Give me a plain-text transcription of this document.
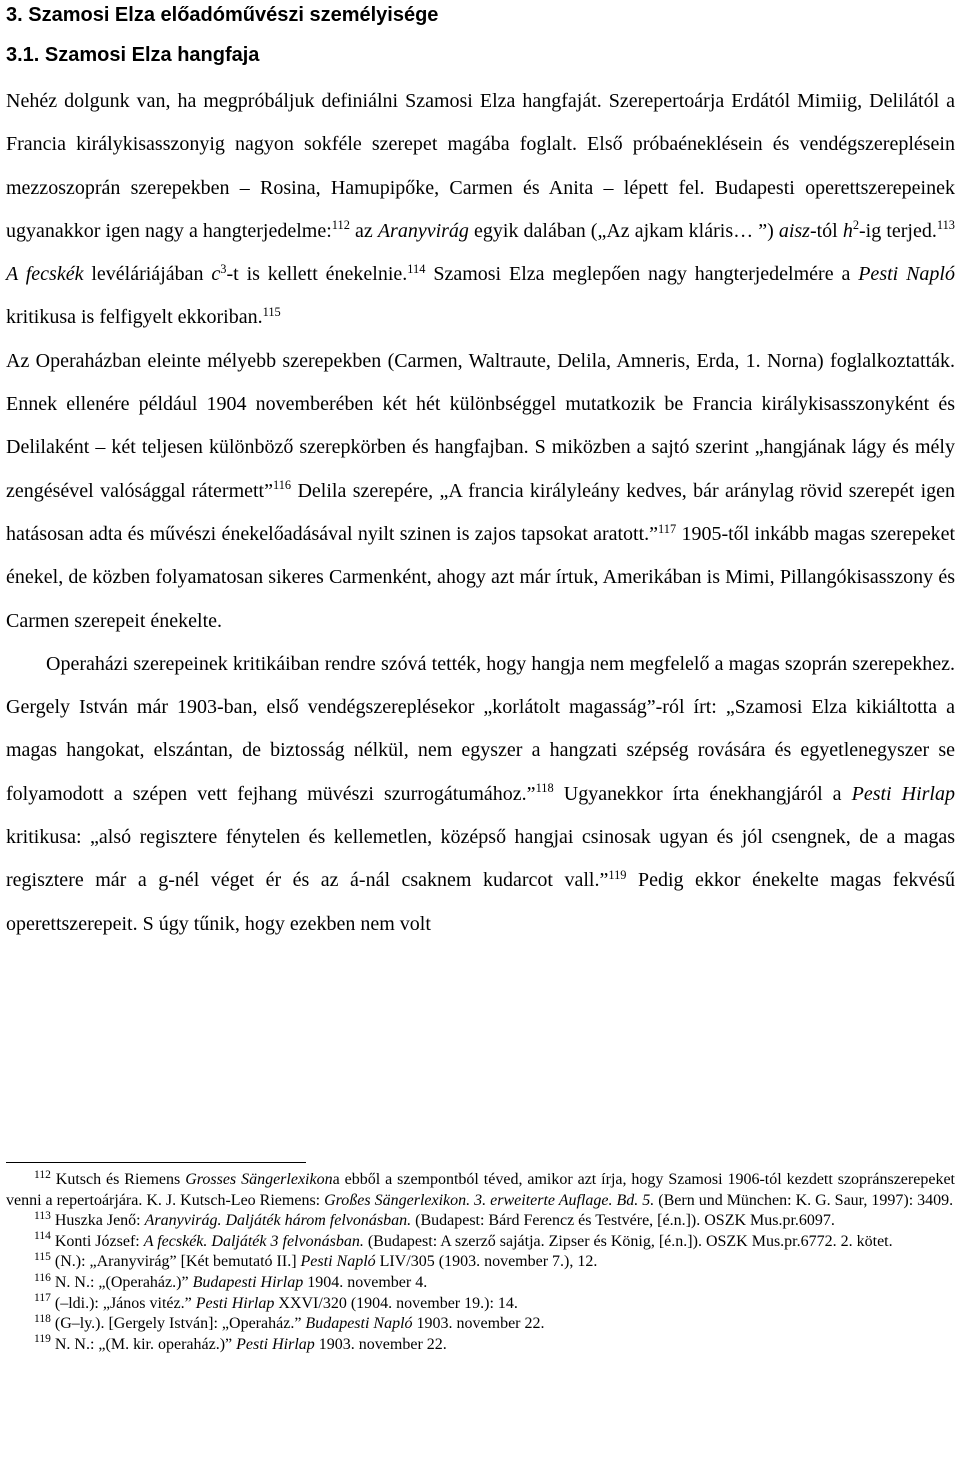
3. Szamosi Elza előadóművészi személyisége
3.1. Szamosi Elza hangfaja

Nehéz dolgunk van, ha megpróbáljuk definiálni Szamosi Elza hangfaját. Szerepertoárja Erdától Mimiig, Delilától a Francia királykisasszonyig nagyon sokféle szerepet magába foglalt. Első próbaéneklésein és vendégszereplésein mezzoszoprán szerepekben – Rosina, Hamupipőke, Carmen és Anita – lépett fel. Budapesti operettszerepeinek ugyanakkor igen nagy a hangterjedelme:$^{112}$ az Aranyvirág egyik dalában („Az ajkam kláris… ”) aisz-tól $h^2-ig$ terjed.$^{113}$ A fecskék levéláriájában $c^3-t$ is kellett énekelnie.$^{114}$ Szamosi Elza meglepően nagy hangterjedelmére a Pesti Napló kritikusa is felfigyelt ekkoriban.$^{115}$

Az Operaházban eleinte mélyebb szerepekben (Carmen, Waltraute, Delila, Amneris, Erda, 1. Norna) foglalkoztatták. Ennek ellenére például 1904 novemberében két hét különbséggel mutatkozik be Francia királykisasszonyként és Delilaként – két teljesen különböző szerepkörben és hangfajban. S miközben a sajtó szerint „hangjának lágy és mély zengésével valósággal rátermett”$^{116}$ Delila szerepére, „A francia királyleány kedves, bár aránylag rövid szerepét igen hatásosan adta és művészi énekelőadásával nyilt szinen is zajos tapsokat aratott.”$^{117}$ 1905-től inkább magas szerepeket énekel, de közben folyamatosan sikeres Carmenként, ahogy azt már írtuk, Amerikában is Mimi, Pillangókisasszony és Carmen szerepeit énekelte.

Operaházi szerepeinek kritikáiban rendre szóvá tették, hogy hangja nem megfelelő a magas szoprán szerepekhez. Gergely István már 1903-ban, első vendégszereplésekor „korlátolt magasság”-ról írt: „Szamosi Elza kikiáltotta a magas hangokat, elszántan, de biztosság nélkül, nem egyszer a hangzati szépség rovására és egyetlenegyszer se folyamodott a szépen vett fejhang müvészi szurrogátumához.”$^{118}$ Ugyanekkor írta énekhangjáról a Pesti Hirlap kritikusa: „alsó regisztere fénytelen és kellemetlen, középső hangjai csinosak ugyan és jól csengnek, de a magas regisztere már a g-nél véget ér és az á-nál csaknem kudarcot vall.”$^{119}$ Pedig ekkor énekelte magas fekvésű operettszerepeit. S úgy tűnik, hogy ezekben nem volt

$^{112}$ Kutsch és Riemens Grosses Sängerlexikona ebből a szempontból téved, amikor azt írja, hogy Szamosi 1906-tól kezdett szopránszerepeket venni a repertoárjára. K. J. Kutsch-Leo Riemens: Großes Sängerlexikon. 3. erweiterte Auflage. Bd. 5. (Bern und München: K. G. Saur, 1997): 3409.

$^{113}$ Huszka Jenő: Aranyvirág. Daljáték három felvonásban. (Budapest: Bárd Ferencz és Testvére, [é.n.]). OSZK Mus.pr.6097.

$^{114}$ Konti József: A fecskék. Daljáték 3 felvonásban. (Budapest: A szerző sajátja. Zipser és König, [é.n.]). OSZK Mus.pr.6772. 2. kötet.

$^{115}$ (N.): „Aranyvirág” [Két bemutató II.] Pesti Napló LIV/305 (1903. november 7.), 12.

$^{116}$ N. N.: „(Operaház.)” Budapesti Hirlap 1904. november 4.

$^{117}$ (–ldi.): „János vitéz.” Pesti Hirlap XXVI/320 (1904. november 19.): 14.

$^{118}$ (G–ly.). [Gergely István]: „Operaház.” Budapesti Napló 1903. november 22.

$^{119}$ N. N.: „(M. kir. operaház.)” Pesti Hirlap 1903. november 22.
